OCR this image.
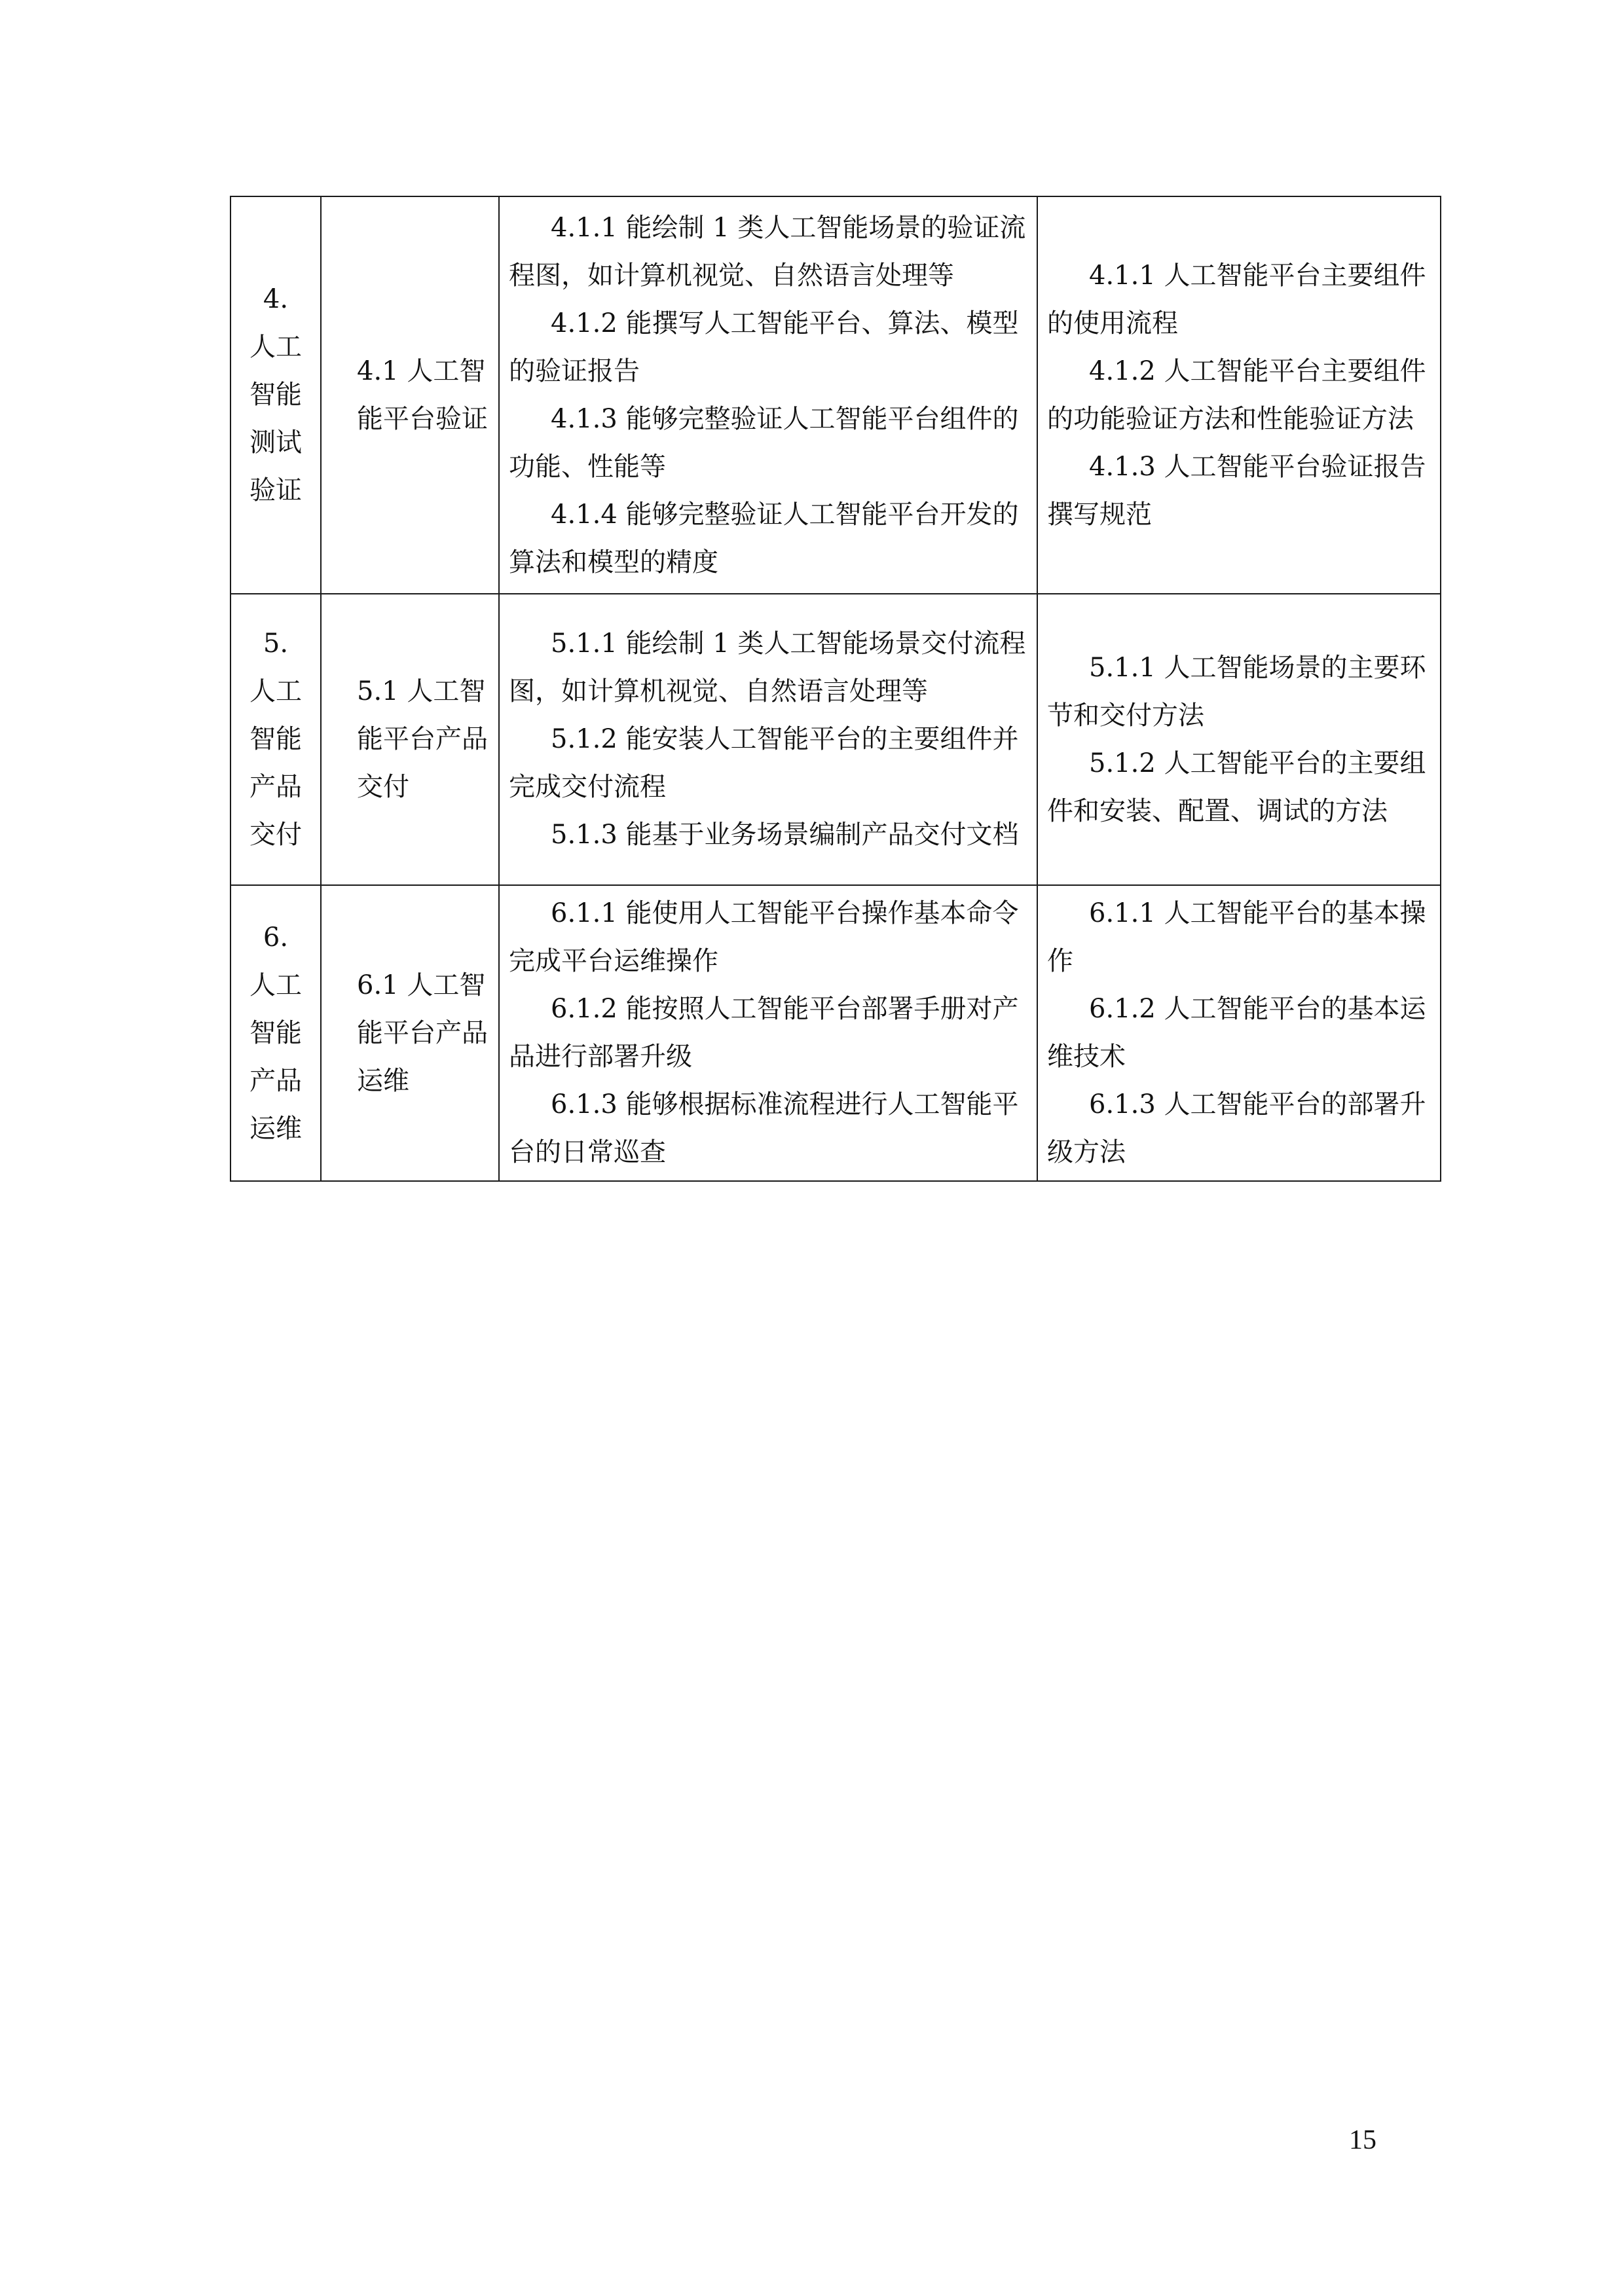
4.
人工
智能
测试
验证	4.1 人工智能平台验证	4.1.1 能绘制 1 类人工智能场景的验证流程图，如计算机视觉、自然语言处理等
4.1.2 能撰写人工智能平台、算法、模型的验证报告
4.1.3 能够完整验证人工智能平台组件的功能、性能等
4.1.4 能够完整验证人工智能平台开发的算法和模型的精度	4.1.1 人工智能平台主要组件的使用流程
4.1.2 人工智能平台主要组件的功能验证方法和性能验证方法
4.1.3 人工智能平台验证报告撰写规范

5.
人工
智能
产品
交付	5.1 人工智能平台产品交付	5.1.1 能绘制 1 类人工智能场景交付流程图，如计算机视觉、自然语言处理等
5.1.2 能安装人工智能平台的主要组件并完成交付流程
5.1.3 能基于业务场景编制产品交付文档	5.1.1 人工智能场景的主要环节和交付方法
5.1.2 人工智能平台的主要组件和安装、配置、调试的方法

6.
人工
智能
产品
运维	6.1 人工智能平台产品运维	6.1.1 能使用人工智能平台操作基本命令完成平台运维操作
6.1.2 能按照人工智能平台部署手册对产品进行部署升级
6.1.3 能够根据标准流程进行人工智能平台的日常巡查	6.1.1 人工智能平台的基本操作
6.1.2 人工智能平台的基本运维技术
6.1.3 人工智能平台的部署升级方法
15
